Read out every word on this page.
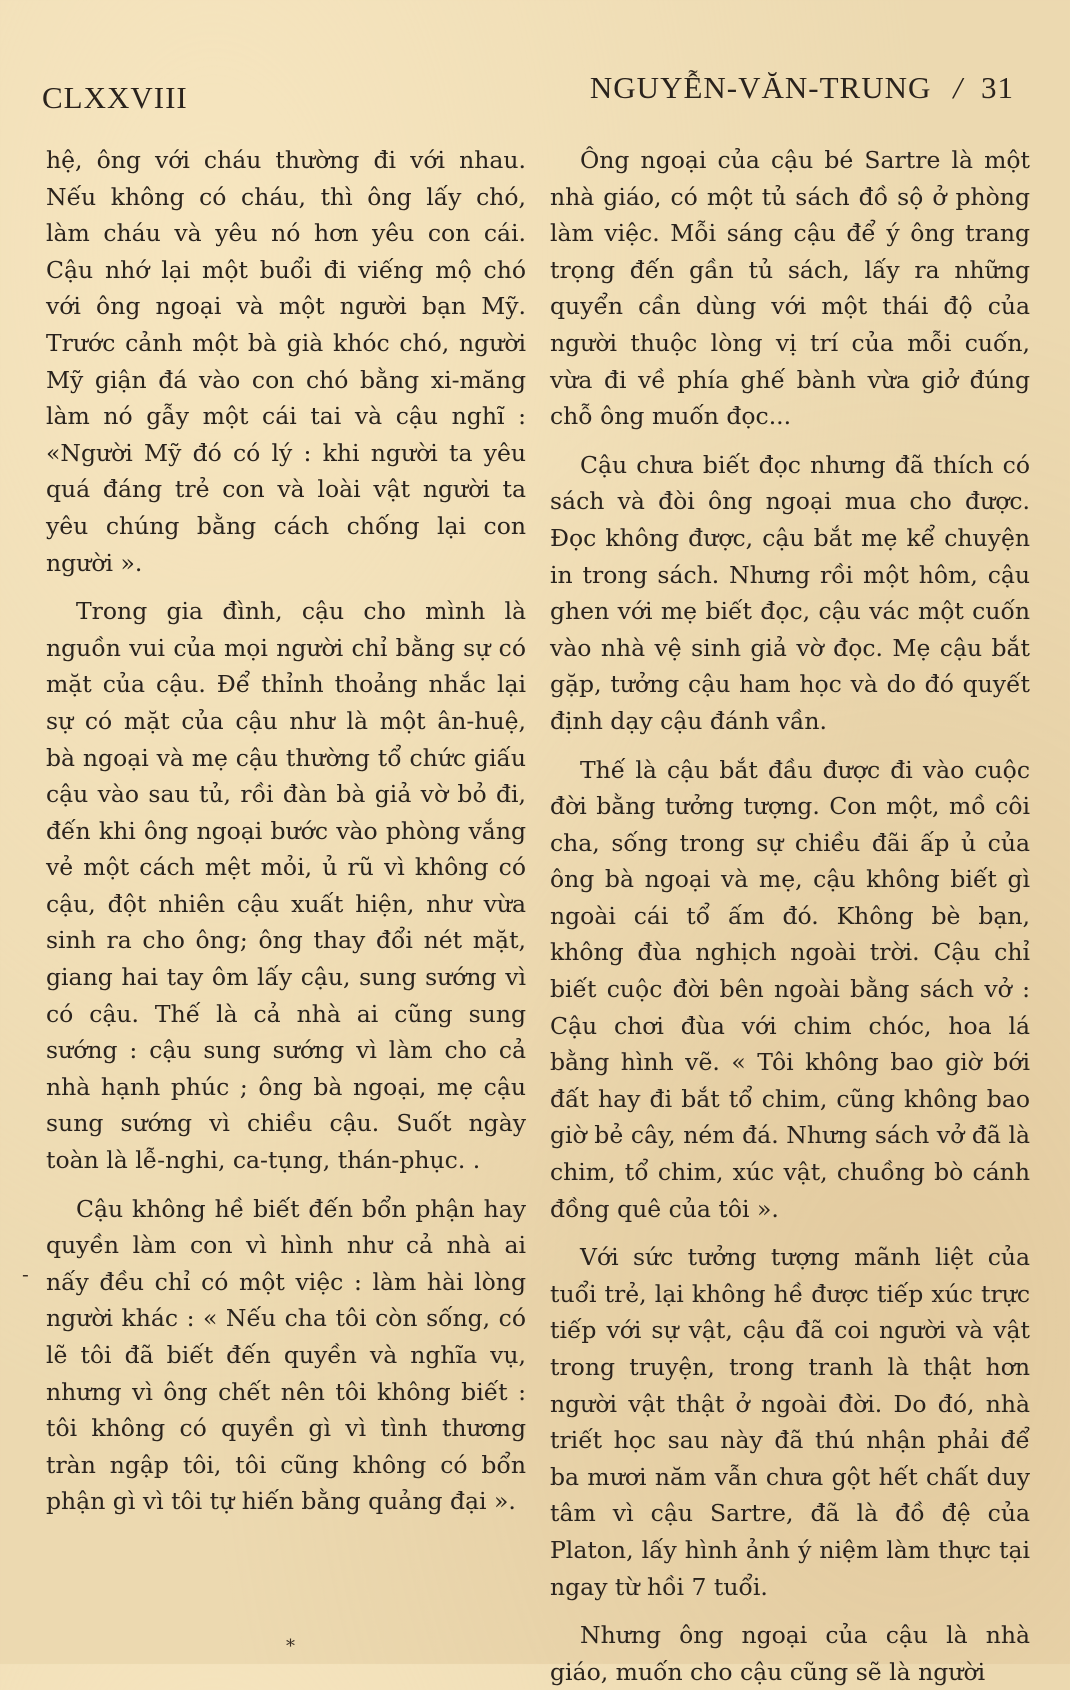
CLXXVIII	NGUYỄN-VĂN-TRUNG / 31

hệ, ông với cháu thường đi với nhau. Nếu không có cháu, thì ông lấy chó, làm cháu và yêu nó hơn yêu con cái. Cậu nhớ lại một buổi đi viếng mộ chó với ông ngoại và một người bạn Mỹ. Trước cảnh một bà già khóc chó, người Mỹ giận đá vào con chó bằng xi-măng làm nó gẫy một cái tai và cậu nghĩ : «Người Mỹ đó có lý : khi người ta yêu quá đáng trẻ con và loài vật người ta yêu chúng bằng cách chống lại con người ».

Trong gia đình, cậu cho mình là nguồn vui của mọi người chỉ bằng sự có mặt của cậu. Để thỉnh thoảng nhắc lại sự có mặt của cậu như là một ân-huệ, bà ngoại và mẹ cậu thường tổ chức giấu cậu vào sau tủ, rồi đàn bà giả vờ bỏ đi, đến khi ông ngoại bước vào phòng vắng vẻ một cách mệt mỏi, ủ rũ vì không có cậu, đột nhiên cậu xuất hiện, như vừa sinh ra cho ông; ông thay đổi nét mặt, giang hai tay ôm lấy cậu, sung sướng vì có cậu. Thế là cả nhà ai cũng sung sướng : cậu sung sướng vì làm cho cả nhà hạnh phúc ; ông bà ngoại, mẹ cậu sung sướng vì chiều cậu. Suốt ngày toàn là lễ-nghi, ca-tụng, thán-phục. .

Cậu không hề biết đến bổn phận hay quyền làm con vì hình như cả nhà ai nấy đều chỉ có một việc : làm hài lòng người khác : « Nếu cha tôi còn sống, có lẽ tôi đã biết đến quyền và nghĩa vụ, nhưng vì ông chết nên tôi không biết : tôi không có quyền gì vì tình thương tràn ngập tôi, tôi cũng không có bổn phận gì vì tôi tự hiến bằng quảng đại ».

Ông ngoại của cậu bé Sartre là một nhà giáo, có một tủ sách đồ sộ ở phòng làm việc. Mỗi sáng cậu để ý ông trang trọng đến gần tủ sách, lấy ra những quyển cần dùng với một thái độ của người thuộc lòng vị trí của mỗi cuốn, vừa đi về phía ghế bành vừa giở đúng chỗ ông muốn đọc...

Cậu chưa biết đọc nhưng đã thích có sách và đòi ông ngoại mua cho được. Đọc không được, cậu bắt mẹ kể chuyện in trong sách. Nhưng rồi một hôm, cậu ghen với mẹ biết đọc, cậu vác một cuốn vào nhà vệ sinh giả vờ đọc. Mẹ cậu bắt gặp, tưởng cậu ham học và do đó quyết định dạy cậu đánh vần.

Thế là cậu bắt đầu được đi vào cuộc đời bằng tưởng tượng. Con một, mồ côi cha, sống trong sự chiều đãi ấp ủ của ông bà ngoại và mẹ, cậu không biết gì ngoài cái tổ ấm đó. Không bè bạn, không đùa nghịch ngoài trời. Cậu chỉ biết cuộc đời bên ngoài bằng sách vở : Cậu chơi đùa với chim chóc, hoa lá bằng hình vẽ. « Tôi không bao giờ bới đất hay đi bắt tổ chim, cũng không bao giờ bẻ cây, ném đá. Nhưng sách vở đã là chim, tổ chim, xúc vật, chuồng bò cánh đồng quê của tôi ».

Với sức tưởng tượng mãnh liệt của tuổi trẻ, lại không hề được tiếp xúc trực tiếp với sự vật, cậu đã coi người và vật trong truyện, trong tranh là thật hơn người vật thật ở ngoài đời. Do đó, nhà triết học sau này đã thú nhận phải để ba mươi năm vẫn chưa gột hết chất duy tâm vì cậu Sartre, đã là đồ đệ của Platon, lấy hình ảnh ý niệm làm thực tại ngay từ hồi 7 tuổi.

Nhưng ông ngoại của cậu là nhà giáo, muốn cho cậu cũng sẽ là người

-
*
